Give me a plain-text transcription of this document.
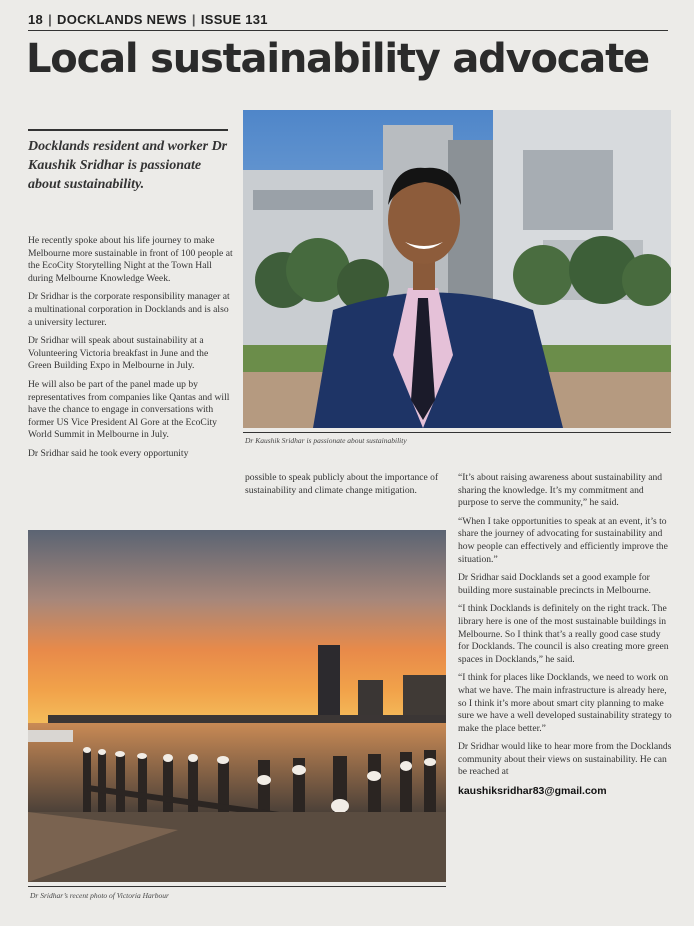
18 | DOCKLANDS NEWS | ISSUE 131
Local sustainability advocate

Docklands resident and worker Dr Kaushik Sridhar is passionate about sustainability.

He recently spoke about his life journey to make Melbourne more sustainable in front of 100 people at the EcoCity Storytelling Night at the Town Hall during Melbourne Knowledge Week.

Dr Sridhar is the corporate responsibility manager at a multinational corporation in Docklands and is also a university lecturer.

Dr Sridhar will speak about sustainability at a Volunteering Victoria breakfast in June and the Green Building Expo in Melbourne in July.

He will also be part of the panel made up by representatives from companies like Qantas and will have the chance to engage in conversations with former US Vice President Al Gore at the EcoCity World Summit in Melbourne in July.

Dr Sridhar said he took every opportunity

Dr Kaushik Sridhar is passionate about sustainability

possible to speak publicly about the importance of sustainability and climate change mitigation.

“It’s about raising awareness about sustainability and sharing the knowledge. It’s my commitment and purpose to serve the community,” he said.

“When I take opportunities to speak at an event, it’s to share the journey of advocating for sustainability and how people can effectively and efficiently improve the situation.”

Dr Sridhar said Docklands set a good example for building more sustainable precincts in Melbourne.

“I think Docklands is definitely on the right track. The library here is one of the most sustainable buildings in Melbourne. So I think that’s a really good case study for Docklands. The council is also creating more green spaces in Docklands,” he said.

“I think for places like Docklands, we need to work on what we have. The main infrastructure is already here, so I think it’s more about smart city planning to make sure we have a well developed sustainability strategy to make the place better.”

Dr Sridhar would like to hear more from the Docklands community about their views on sustainability. He can be reached at

kaushiksridhar83@gmail.com
Dr Sridhar’s recent photo of Victoria Harbour
